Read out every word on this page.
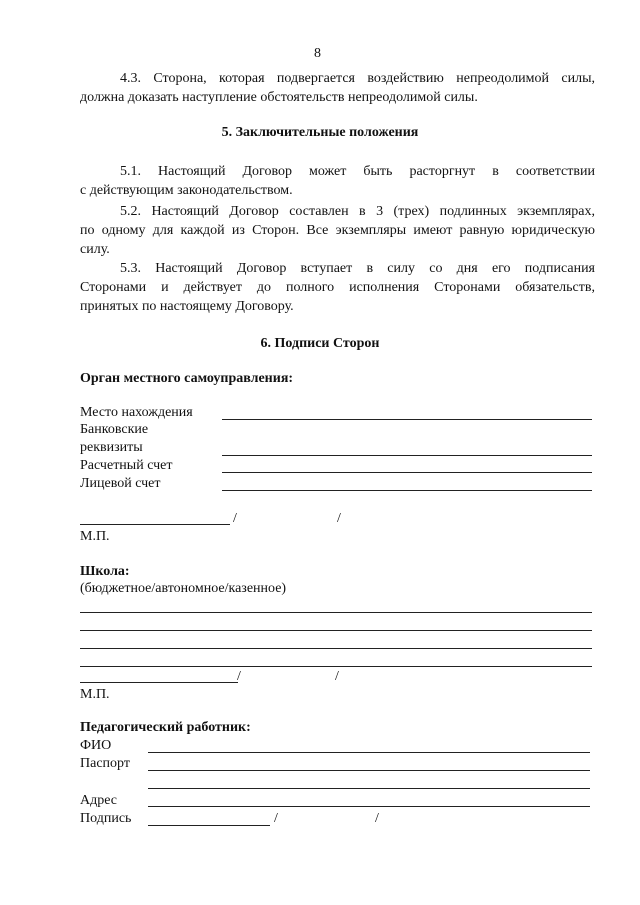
8
4.3. Сторона, которая подвергается воздействию непреодолимой силы,
должна доказать наступление обстоятельств непреодолимой силы.
5. Заключительные положения
5.1. Настоящий Договор может быть расторгнут в соответствии
с действующим законодательством.
5.2. Настоящий Договор составлен в 3 (трех) подлинных экземплярах,
по одному для каждой из Сторон. Все экземпляры имеют равную юридическую
силу.
5.3. Настоящий Договор вступает в силу со дня его подписания
Сторонами и действует до полного исполнения Сторонами обязательств,
принятых по настоящему Договору.
6. Подписи Сторон
Орган местного самоуправления:
Место нахождения
Банковские
реквизиты
Расчетный счет
Лицевой счет
/	/
М.П.
Школа:
(бюджетное/автономное/казенное)
/	/
М.П.
Педагогический работник:
ФИО
Паспорт
Адрес
Подпись	/	/
